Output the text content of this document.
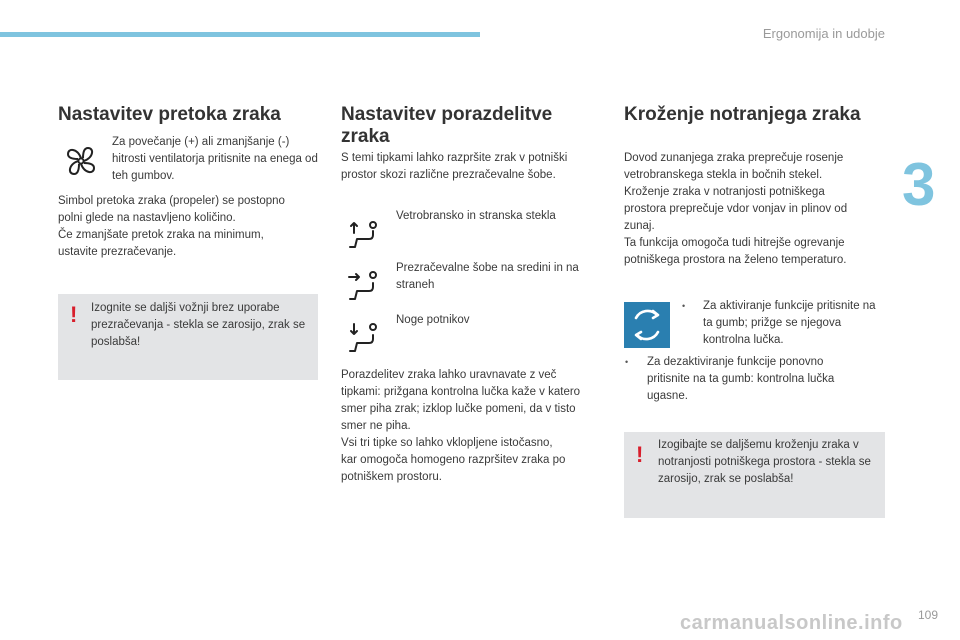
Ergonomija in udobje
3
Nastavitev pretoka zraka

Za povečanje (+) ali zmanjšanje (-) hitrosti ventilatorja pritisnite na enega od teh gumbov.

Simbol pretoka zraka (propeler) se postopno
polni glede na nastavljeno količino.
Če zmanjšate pretok zraka na minimum,
ustavite prezračevanje.
! Izognite se daljši vožnji brez uporabe prezračevanja - stekla se zarosijo, zrak se poslabša!

Nastavitev porazdelitve
zraka

S temi tipkami lahko razpršite zrak v potniški prostor skozi različne prezračevalne šobe.

Vetrobransko in stranska stekla
Prezračevalne šobe na sredini in na straneh
Noge potnikov
Porazdelitev zraka lahko uravnavate z več
tipkami: prižgana kontrolna lučka kaže v katero
smer piha zrak; izklop lučke pomeni, da v tisto
smer ne piha.
Vsi tri tipke so lahko vklopljene istočasno,
kar omogoča homogeno razpršitev zraka po
potniškem prostoru.
Kroženje notranjega zraka
Dovod zunanjega zraka preprečuje rosenje
vetrobranskega stekla in bočnih stekel.
Kroženje zraka v notranjosti potniškega
prostora preprečuje vdor vonjav in plinov od
zunaj.
Ta funkcija omogoča tudi hitrejše ogrevanje
potniškega prostora na želeno temperaturo.
• Za aktiviranje funkcije pritisnite na ta gumb; prižge se njegova kontrolna lučka.

• Za dezaktiviranje funkcije ponovno pritisnite na ta gumb: kontrolna lučka ugasne.

! Izogibajte se daljšemu kroženju zraka v notranjosti potniškega prostora - stekla se zarosijo, zrak se poslabša!

carmanualsonline.info 109
